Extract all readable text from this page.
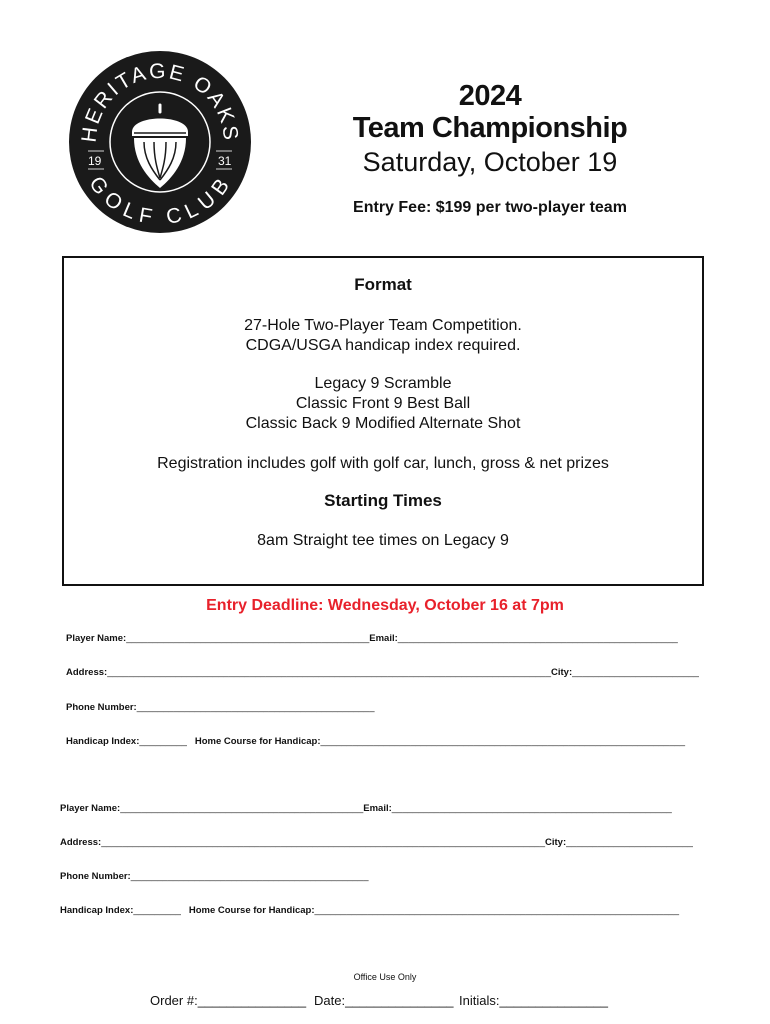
HERITAGE OAKS
GOLF CLUB
19	31
2024
Team Championship
Saturday, October 19
Entry Fee: $199 per two-player team
Format
27-Hole Two-Player Team Competition.
CDGA/USGA handicap index required.
Legacy 9 Scramble
Classic Front 9 Best Ball
Classic Back 9 Modified Alternate Shot
Registration includes golf with golf car, lunch, gross & net prizes
Starting Times
8am Straight tee times on Legacy 9
Entry Deadline: Wednesday, October 16 at 7pm
Player Name:______________________________________________Email:_____________________________________________________
Address:____________________________________________________________________________________City:________________________
Phone Number:_____________________________________________
Handicap Index:_________ Home Course for Handicap:_____________________________________________________________________
Player Name:______________________________________________Email:_____________________________________________________
Address:____________________________________________________________________________________City:________________________
Phone Number:_____________________________________________
Handicap Index:_________ Home Course for Handicap:_____________________________________________________________________
Office Use Only
Order #:_______________ Date:_______________ Initials:_______________
